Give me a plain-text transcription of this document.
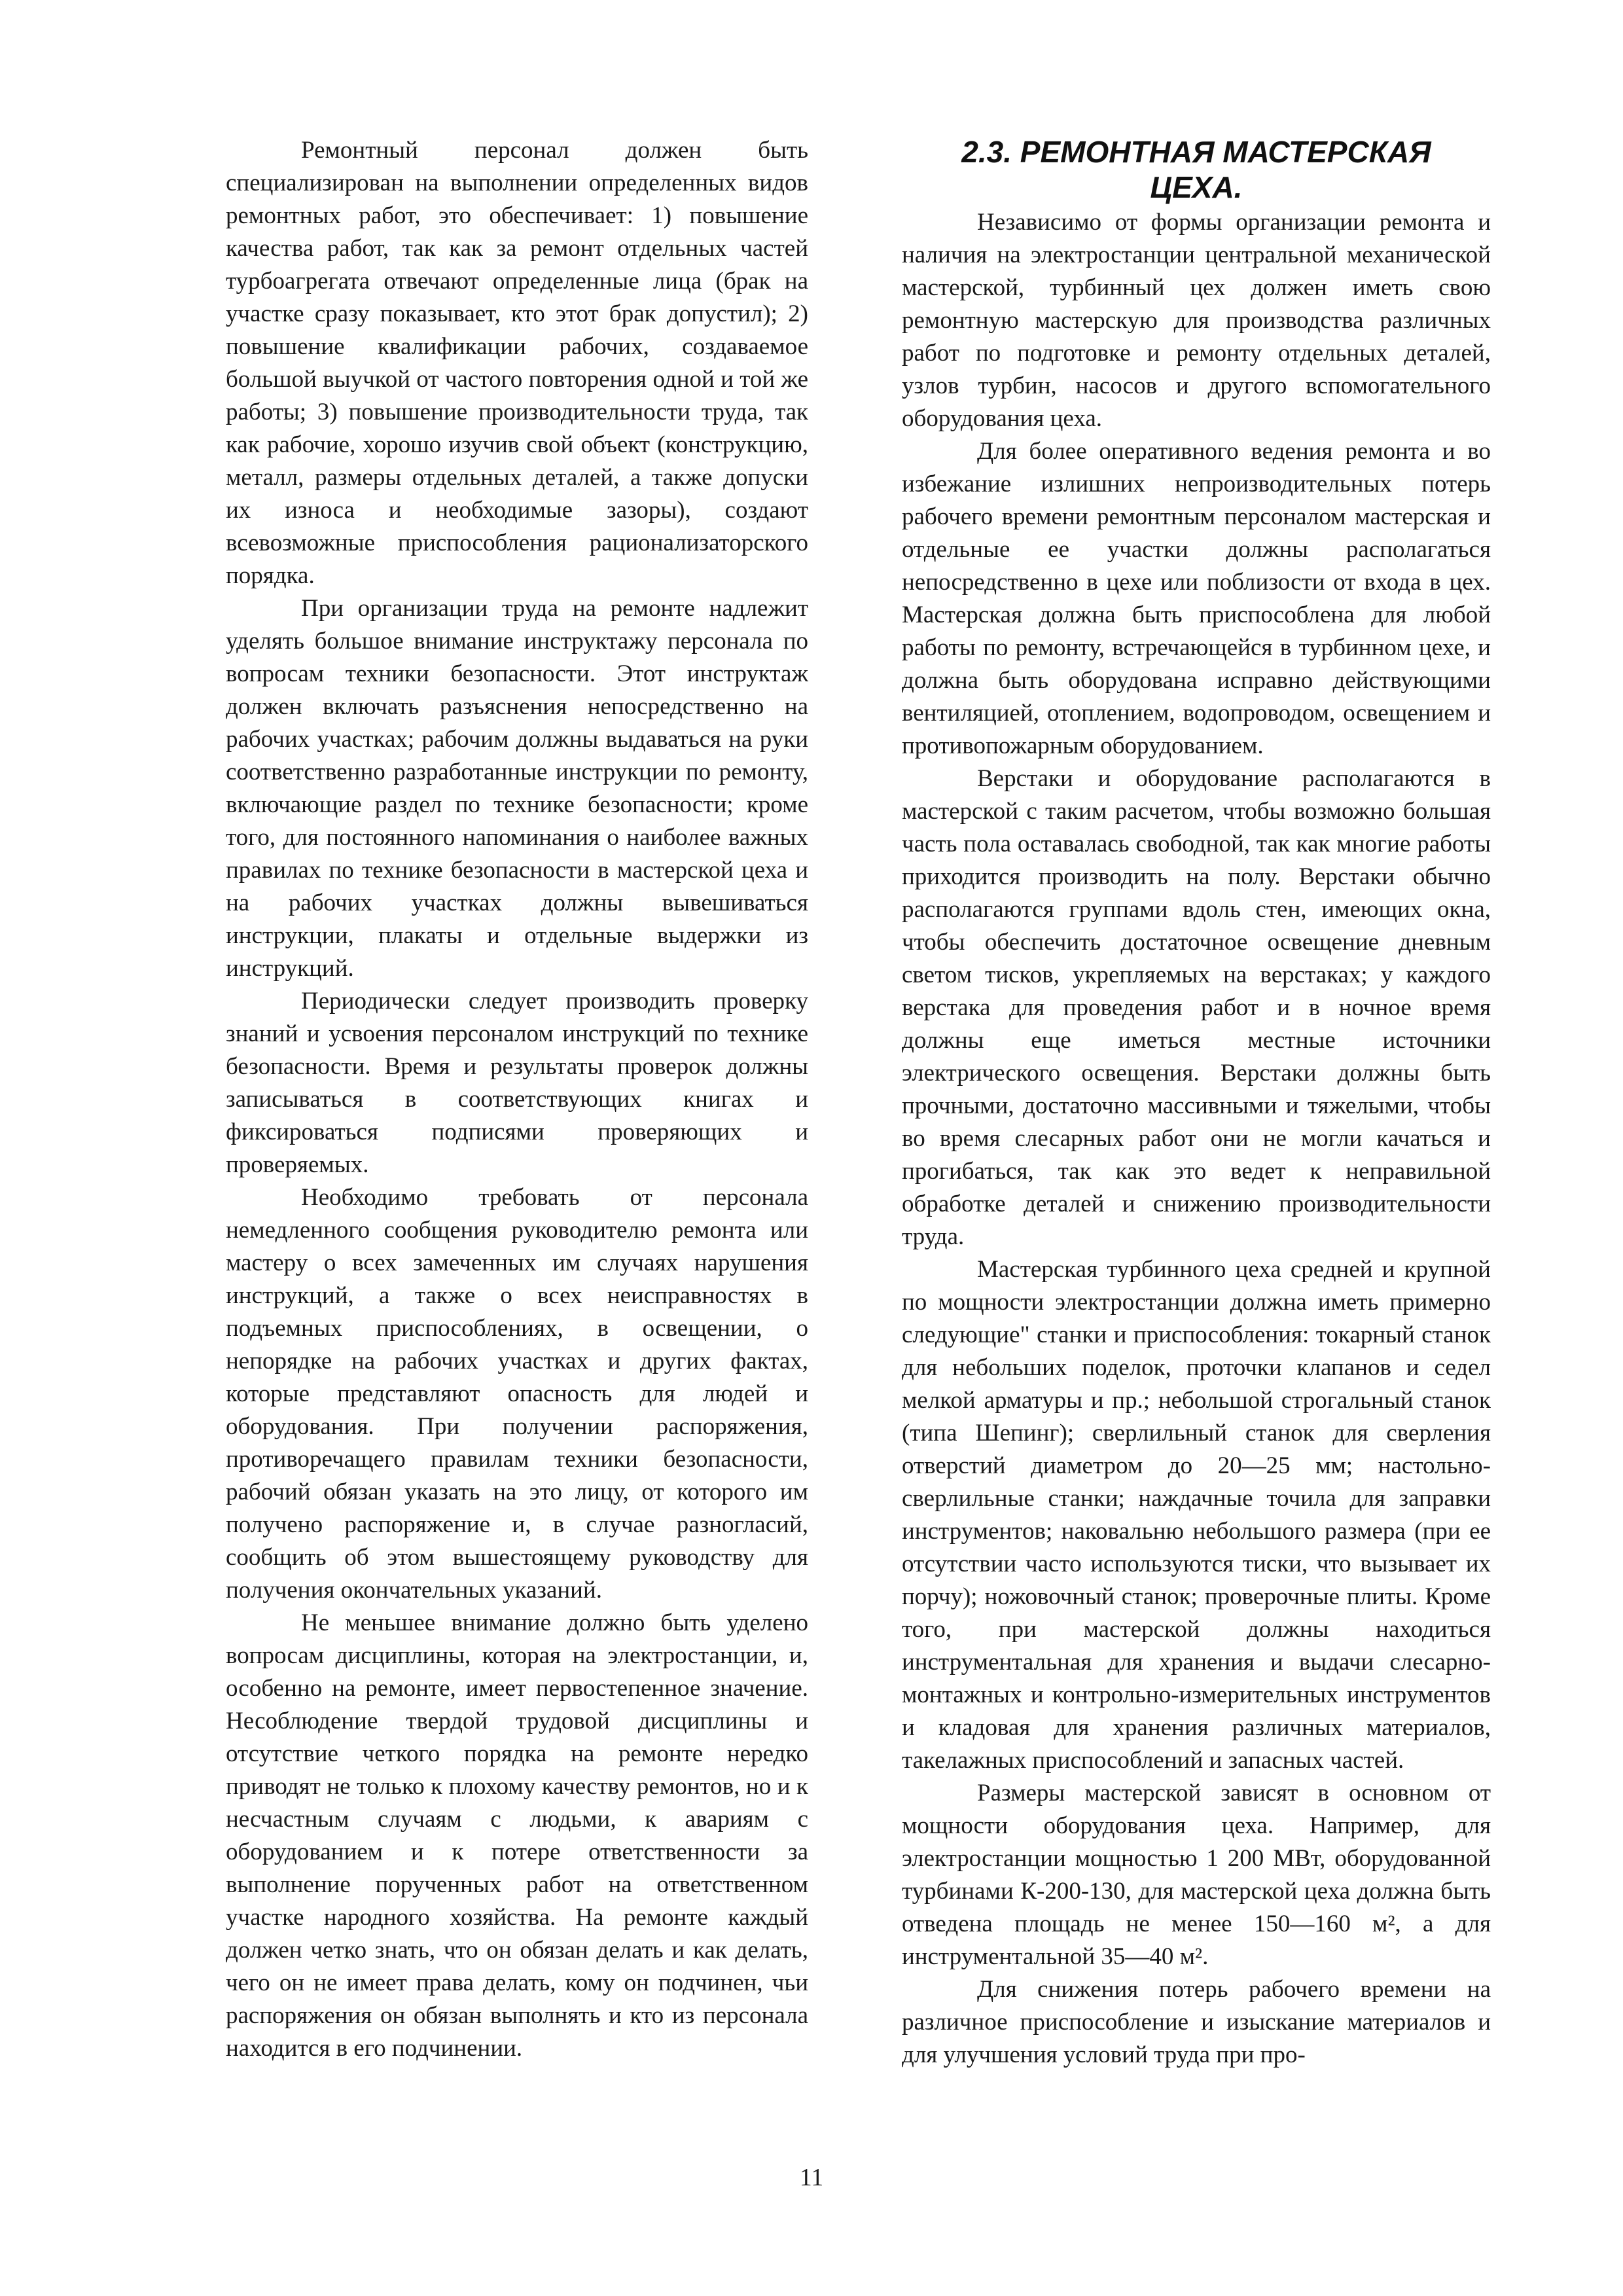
Ремонтный персонал должен быть специализирован на выполнении определенных видов ремонтных работ, это обеспечивает: 1) повышение качества работ, так как за ремонт отдельных частей турбоагрегата отвечают определенные лица (брак на участке сразу показывает, кто этот брак допустил); 2) повышение квалификации рабочих, создаваемое большой выучкой от частого повторения одной и той же работы; 3) повышение производительности труда, так как рабочие, хорошо изучив свой объект (конструкцию, металл, размеры отдельных деталей, а также допуски их износа и необходимые зазоры), создают всевозможные приспособления рационализаторского порядка.

При организации труда на ремонте надлежит уделять большое внимание инструктажу персонала по вопросам техники безопасности. Этот инструктаж должен включать разъяснения непосредственно на рабочих участках; рабочим должны выдаваться на руки соответственно разработанные инструкции по ремонту, включающие раздел по технике безопасности; кроме того, для постоянного напоминания о наиболее важных правилах по технике безопасности в мастерской цеха и на рабочих участках должны вывешиваться инструкции, плакаты и отдельные выдержки из инструкций.

Периодически следует производить проверку знаний и усвоения персоналом инструкций по технике безопасности. Время и результаты проверок должны записываться в соответствующих книгах и фиксироваться подписями проверяющих и проверяемых.

Необходимо требовать от персонала немедленного сообщения руководителю ремонта или мастеру о всех замеченных им случаях нарушения инструкций, а также о всех неисправностях в подъемных приспособлениях, в освещении, о непорядке на рабочих участках и других фактах, которые представляют опасность для людей и оборудования. При получении распоряжения, противоречащего правилам техники безопасности, рабочий обязан указать на это лицу, от которого им получено распоряжение и, в случае разногласий, сообщить об этом вышестоящему руководству для получения окончательных указаний.

Не меньшее внимание должно быть уделено вопросам дисциплины, которая на электростанции, и, особенно на ремонте, имеет первостепенное значение. Несоблюдение твердой трудовой дисциплины и отсутствие четкого порядка на ремонте нередко приводят не только к плохому качеству ремонтов, но и к несчастным случаям с людьми, к авариям с оборудованием и к потере ответственности за выполнение порученных работ на ответственном участке народного хозяйства. На ремонте каждый должен четко знать, что он обязан делать и как делать, чего он не имеет права делать, кому он подчинен, чьи распоряжения он обязан выполнять и кто из персонала находится в его подчинении.

2.3. РЕМОНТНАЯ МАСТЕРСКАЯ
ЦЕХА.

Независимо от формы организации ремонта и наличия на электростанции центральной механической мастерской, турбинный цех должен иметь свою ремонтную мастерскую для производства различных работ по подготовке и ремонту отдельных деталей, узлов турбин, насосов и другого вспомогательного оборудования цеха.

Для более оперативного ведения ремонта и во избежание излишних непроизводительных потерь рабочего времени ремонтным персоналом мастерская и отдельные ее участки должны располагаться непосредственно в цехе или поблизости от входа в цех. Мастерская должна быть приспособлена для любой работы по ремонту, встречающейся в турбинном цехе, и должна быть оборудована исправно действующими вентиляцией, отоплением, водопроводом, освещением и противопожарным оборудованием.

Верстаки и оборудование располагаются в мастерской с таким расчетом, чтобы возможно большая часть пола оставалась свободной, так как многие работы приходится производить на полу. Верстаки обычно располагаются группами вдоль стен, имеющих окна, чтобы обеспечить достаточное освещение дневным светом тисков, укрепляемых на верстаках; у каждого верстака для проведения работ и в ночное время должны еще иметься местные источники электрического освещения. Верстаки должны быть прочными, достаточно массивными и тяжелыми, чтобы во время слесарных работ они не могли качаться и прогибаться, так как это ведет к неправильной обработке деталей и снижению производительности труда.

Мастерская турбинного цеха средней и крупной по мощности электростанции должна иметь примерно следующие" станки и приспособления: токарный станок для небольших поделок, проточки клапанов и седел мелкой арматуры и пр.; небольшой строгальный станок (типа Шепинг); сверлильный станок для сверления отверстий диаметром до 20—25 мм; настольно-сверлильные станки; наждачные точила для заправки инструментов; наковальню небольшого размера (при ее отсутствии часто используются тиски, что вызывает их порчу); ножовочный станок; проверочные плиты. Кроме того, при мастерской должны находиться инструментальная для хранения и выдачи слесарно-монтажных и контрольно-измерительных инструментов и кладовая для хранения различных материалов, такелажных приспособлений и запасных частей.

Размеры мастерской зависят в основном от мощности оборудования цеха. Например, для электростанции мощностью 1 200 МВт, оборудованной турбинами К-200-130, для мастерской цеха должна быть отведена площадь не менее 150—160 м², а для инструментальной 35—40 м².

Для снижения потерь рабочего времени на различное приспособление и изыскание материалов и для улучшения условий труда при про-

11
